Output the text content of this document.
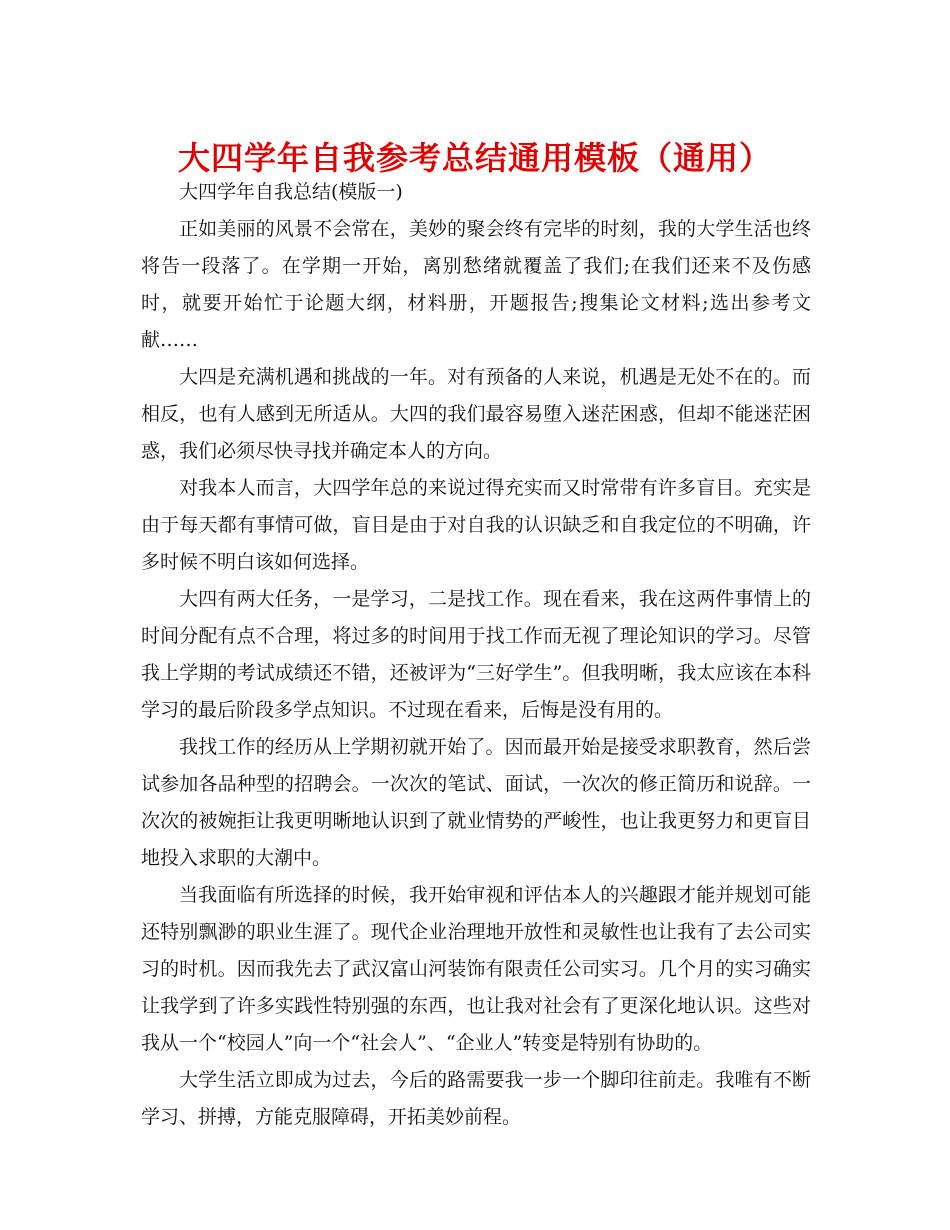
大四学年自我参考总结通用模板（通用）

大四学年自我总结(模版一)

正如美丽的风景不会常在，美妙的聚会终有完毕的时刻，我的大学生活也终将告一段落了。在学期一开始，离别愁绪就覆盖了我们;在我们还来不及伤感时，就要开始忙于论题大纲，材料册，开题报告;搜集论文材料;选出参考文献……

大四是充满机遇和挑战的一年。对有预备的人来说，机遇是无处不在的。而相反，也有人感到无所适从。大四的我们最容易堕入迷茫困惑，但却不能迷茫困惑，我们必须尽快寻找并确定本人的方向。

对我本人而言，大四学年总的来说过得充实而又时常带有许多盲目。充实是由于每天都有事情可做，盲目是由于对自我的认识缺乏和自我定位的不明确，许多时候不明白该如何选择。

大四有两大任务，一是学习，二是找工作。现在看来，我在这两件事情上的时间分配有点不合理，将过多的时间用于找工作而无视了理论知识的学习。尽管我上学期的考试成绩还不错，还被评为“三好学生”。但我明晰，我太应该在本科学习的最后阶段多学点知识。不过现在看来，后悔是没有用的。

我找工作的经历从上学期初就开始了。因而最开始是接受求职教育，然后尝试参加各品种型的招聘会。一次次的笔试、面试，一次次的修正简历和说辞。一次次的被婉拒让我更明晰地认识到了就业情势的严峻性，也让我更努力和更盲目地投入求职的大潮中。

当我面临有所选择的时候，我开始审视和评估本人的兴趣跟才能并规划可能还特别飘渺的职业生涯了。现代企业治理地开放性和灵敏性也让我有了去公司实习的时机。因而我先去了武汉富山河装饰有限责任公司实习。几个月的实习确实让我学到了许多实践性特别强的东西，也让我对社会有了更深化地认识。这些对我从一个“校园人”向一个“社会人”、“企业人”转变是特别有协助的。

大学生活立即成为过去，今后的路需要我一步一个脚印往前走。我唯有不断学习、拼搏，方能克服障碍，开拓美妙前程。
